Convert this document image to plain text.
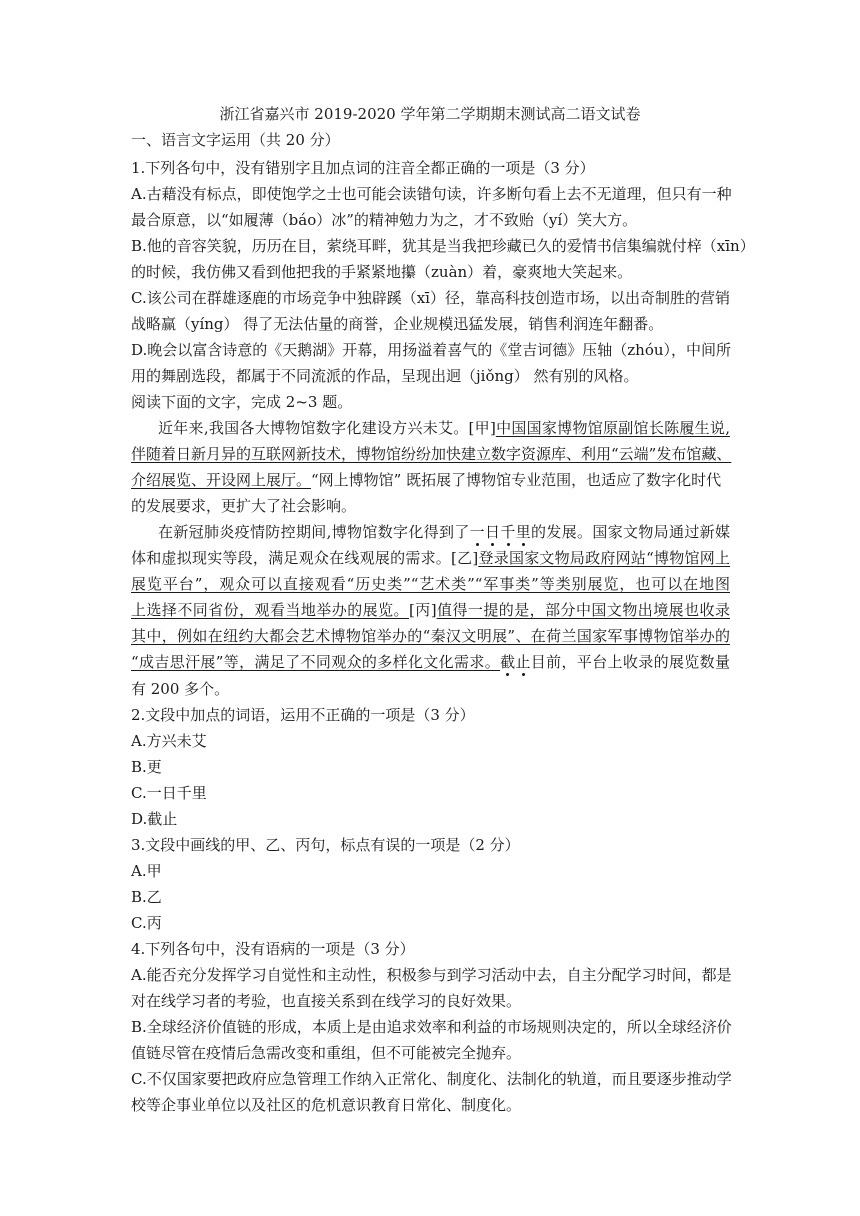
浙江省嘉兴市 2019-2020 学年第二学期期末测试高二语文试卷
一、语言文字运用（共 20 分）
1.下列各句中，没有错别字且加点词的注音全都正确的一项是（3 分）
A.古藉没有标点，即使饱学之士也可能会读错句读，许多断句看上去不无道理，但只有一种
最合原意，以“如履薄（báo）冰”的精神勉力为之，才不致贻（yí）笑大方。
B.他的音容笑貌，历历在目，萦绕耳畔，犹其是当我把珍藏已久的爱情书信集编就付梓（xīn）
的时候，我仿佛又看到他把我的手紧紧地攥（zuàn）着，豪爽地大笑起来。
C.该公司在群雄逐鹿的市场竞争中独辟蹊（xī）径，靠高科技创造市场，以出奇制胜的营销
战略赢（yíng） 得了无法估量的商誉，企业规模迅猛发展，销售利润连年翻番。
D.晚会以富含诗意的《天鹅湖》开幕，用扬溢着喜气的《堂吉诃德》压轴（zhóu），中间所
用的舞剧选段，都属于不同流派的作品，呈现出迥（jiǒng） 然有别的风格。
阅读下面的文字，完成 2~3 题。
近年来,我国各大博物馆数字化建设方兴未艾。[甲]中国国家博物馆原副馆长陈履生说,
伴随着日新月异的互联网新技术，博物馆纷纷加快建立数字资源库、利用“云端”发布馆藏、
介绍展览、开设网上展厅。“网上博物馆” 既拓展了博物馆专业范围，也适应了数字化时代
的发展要求，更扩大了社会影响。
在新冠肺炎疫情防控期间,博物馆数字化得到了一日千里的发展。国家文物局通过新媒
体和虚拟现实等段，满足观众在线观展的需求。[乙]登录国家文物局政府网站“博物馆网上
展览平台”，观众可以直接观看“历史类”“艺术类”“军事类”等类别展览，也可以在地图
上选择不同省份，观看当地举办的展览。[丙]值得一提的是，部分中国文物出境展也收录
其中，例如在纽约大都会艺术博物馆举办的“秦汉文明展”、在荷兰国家军事博物馆举办的
“成吉思汗展”等，满足了不同观众的多样化文化需求。截止目前，平台上收录的展览数量
有 200 多个。
2.文段中加点的词语，运用不正确的一项是（3 分）
A.方兴未艾
B.更
C.一日千里
D.截止
3.文段中画线的甲、乙、丙句，标点有误的一项是（2 分）
A.甲
B.乙
C.丙
4.下列各句中，没有语病的一项是（3 分）
A.能否充分发挥学习自觉性和主动性，积极参与到学习活动中去，自主分配学习时间，都是
对在线学习者的考验，也直接关系到在线学习的良好效果。
B.全球经济价值链的形成，本质上是由追求效率和利益的市场规则决定的，所以全球经济价
值链尽管在疫情后急需改变和重组，但不可能被完全抛弃。
C.不仅国家要把政府应急管理工作纳入正常化、制度化、法制化的轨道，而且要逐步推动学
校等企事业单位以及社区的危机意识教育日常化、制度化。
